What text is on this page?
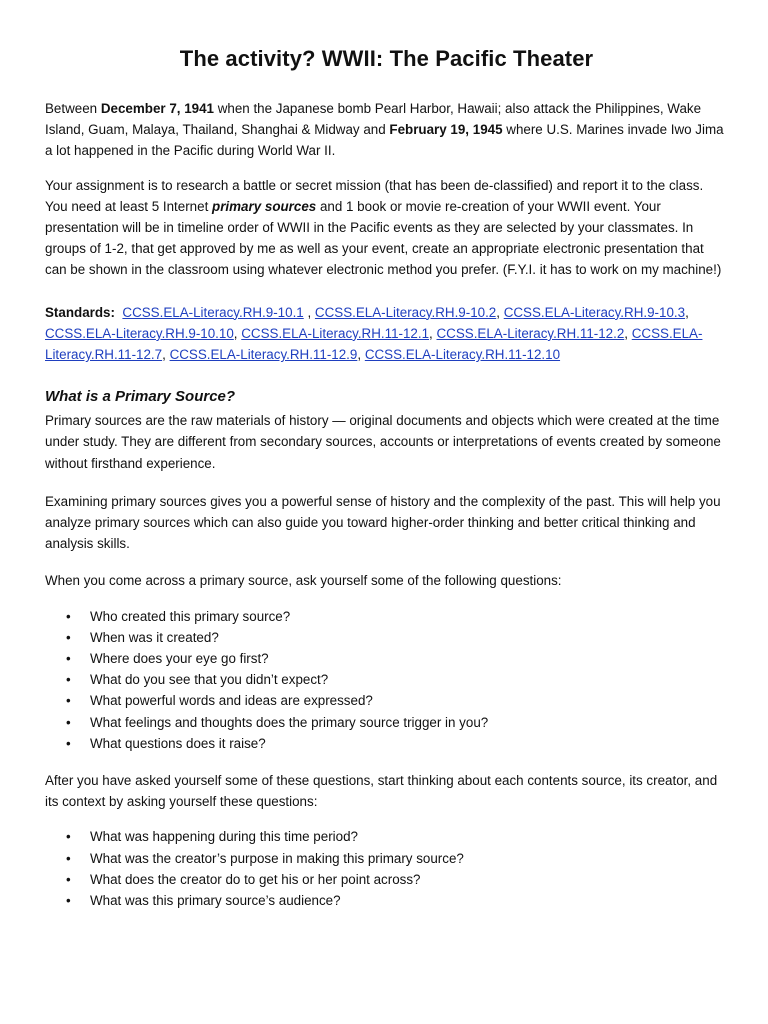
The activity? WWII: The Pacific Theater

Between December 7, 1941 when the Japanese bomb Pearl Harbor, Hawaii; also attack the Philippines, Wake Island, Guam, Malaya, Thailand, Shanghai & Midway and February 19, 1945 where U.S. Marines invade Iwo Jima a lot happened in the Pacific during World War II.

Your assignment is to research a battle or secret mission (that has been de-classified) and report it to the class. You need at least 5 Internet primary sources and 1 book or movie re-creation of your WWII event. Your presentation will be in timeline order of WWII in the Pacific events as they are selected by your classmates. In groups of 1-2, that get approved by me as well as your event, create an appropriate electronic presentation that can be shown in the classroom using whatever electronic method you prefer. (F.Y.I. it has to work on my machine!)

Standards: CCSS.ELA-Literacy.RH.9-10.1 , CCSS.ELA-Literacy.RH.9-10.2, CCSS.ELA-Literacy.RH.9-10.3, CCSS.ELA-Literacy.RH.9-10.10, CCSS.ELA-Literacy.RH.11-12.1, CCSS.ELA-Literacy.RH.11-12.2, CCSS.ELA-Literacy.RH.11-12.7, CCSS.ELA-Literacy.RH.11-12.9, CCSS.ELA-Literacy.RH.11-12.10

What is a Primary Source?

Primary sources are the raw materials of history — original documents and objects which were created at the time under study. They are different from secondary sources, accounts or interpretations of events created by someone without firsthand experience.

Examining primary sources gives you a powerful sense of history and the complexity of the past. This will help you analyze primary sources which can also guide you toward higher-order thinking and better critical thinking and analysis skills.

When you come across a primary source, ask yourself some of the following questions:

• Who created this primary source?
• When was it created?
• Where does your eye go first?
• What do you see that you didn’t expect?
• What powerful words and ideas are expressed?
• What feelings and thoughts does the primary source trigger in you?
• What questions does it raise?

After you have asked yourself some of these questions, start thinking about each contents source, its creator, and its context by asking yourself these questions:

• What was happening during this time period?
• What was the creator’s purpose in making this primary source?
• What does the creator do to get his or her point across?
• What was this primary source’s audience?
